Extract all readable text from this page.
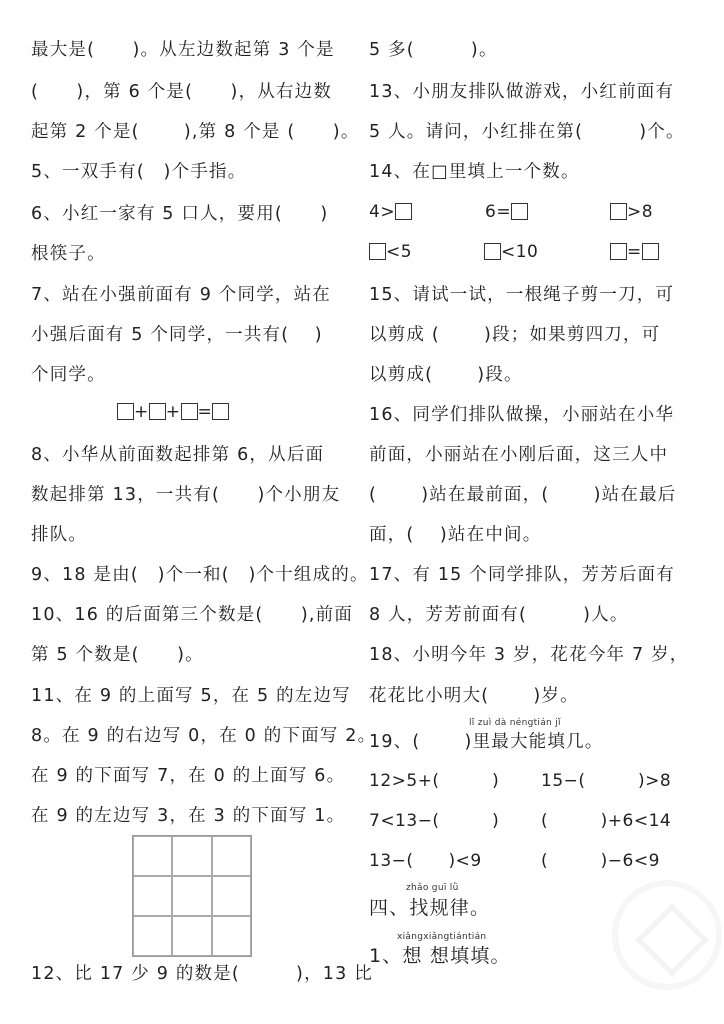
最大是(　　)。从左边数起第 3 个是
(　　)，第 6 个是(　　)，从右边数
起第 2 个是(　　 ),第 8 个是 (　　)。
5、一双手有(　)个手指。
6、小红一家有 5 口人，要用(　　)
根筷子。
7、站在小强前面有 9 个同学，站在
小强后面有 5 个同学，一共有(　 )
个同学。
+ + =
8、小华从前面数起排第 6，从后面
数起排第 13，一共有(　　)个小朋友
排队。
9、18 是由(　)个一和(　)个十组成的。
10、16 的后面第三个数是(　　),前面
第 5 个数是(　　)。
11、在 9 的上面写 5，在 5 的左边写
8。在 9 的右边写 0，在 0 的下面写 2。
在 9 的下面写 7，在 0 的上面写 6。
在 9 的左边写 3，在 3 的下面写 1。
12、比 17 少 9 的数是(　　　)，13 比
5 多(　　　)。
13、小朋友排队做游戏，小红前面有
5 人。请问，小红排在第(　　　)个。
14、在□里填上一个数。
4>	6=	>8
<5	<10	=
15、请试一试，一根绳子剪一刀，可
以剪成 (　　 )段；如果剪四刀，可
以剪成(　　 )段。
16、同学们排队做操，小丽站在小华
前面，小丽站在小刚后面，这三人中
(　　 )站在最前面，(　　 )站在最后
面，(　 )站在中间。
17、有 15 个同学排队，芳芳后面有
8 人，芳芳前面有(　　　)人。
18、小明今年 3 岁，花花今年 7 岁，
花花比小明大(　　 )岁。
lǐ zuì dà néngtián jǐ
19、(　　 )里最大能填几。
12>5+(　　　) 15−(　　　)>8
7<13−(　　　) (　　　)+6<14
13−(　　)<9	(　　　)−6<9
zhǎo guī lǜ
四、找规律。
xiǎngxiǎngtiántián
1、想 想填填。
